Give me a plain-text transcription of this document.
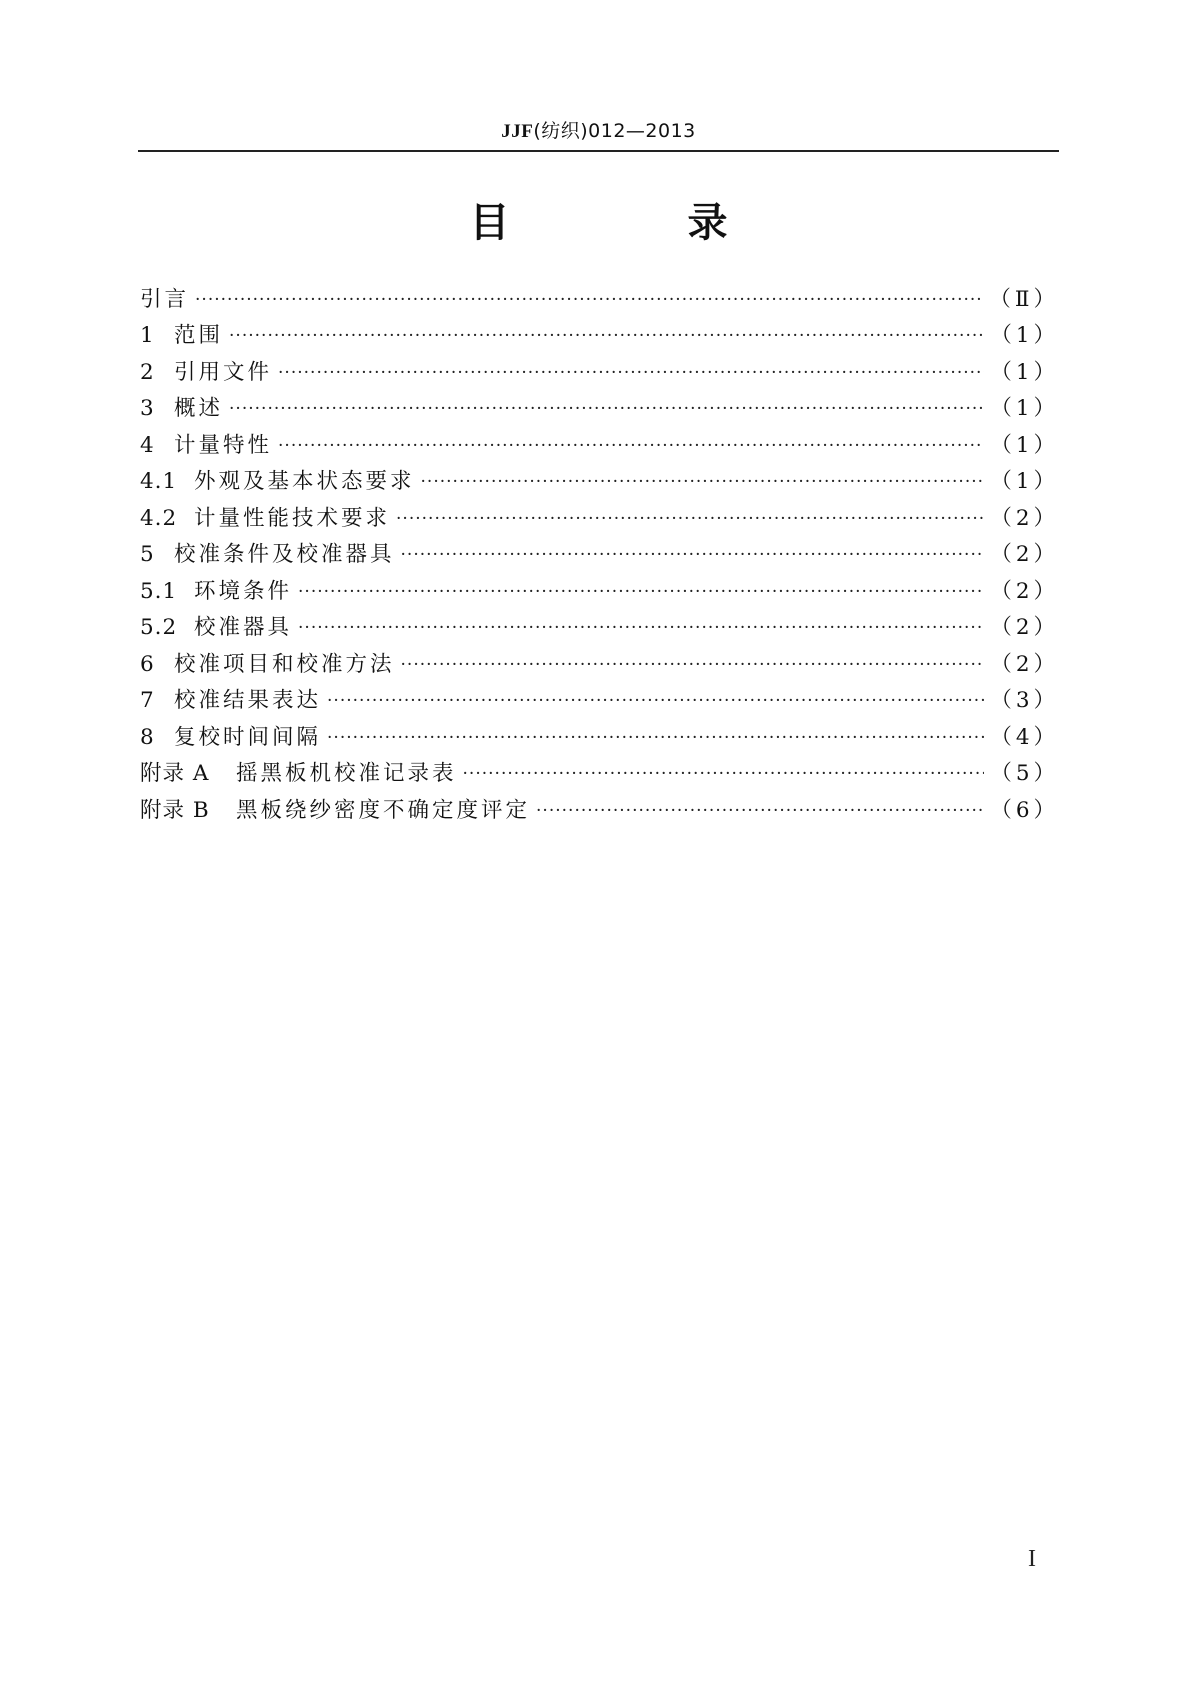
JJF(纺织)012—2013
目 录
引言 ·····	（Ⅱ）
1 范围 ·····	（1）
2 引用文件 ·····	（1）
3 概述 ·····	（1）
4 计量特性 ·····	（1）
4.1 外观及基本状态要求 ·····	（1）
4.2 计量性能技术要求 ·····	（2）
5 校准条件及校准器具 ·····	（2）
5.1 环境条件 ·····	（2）
5.2 校准器具 ·····	（2）
6 校准项目和校准方法 ·····	（2）
7 校准结果表达 ·····	（3）
8 复校时间间隔 ·····	（4）
附录 A	摇黑板机校准记录表 ·····	（5）
附录 B	黑板绕纱密度不确定度评定 ·····	（6）
I
